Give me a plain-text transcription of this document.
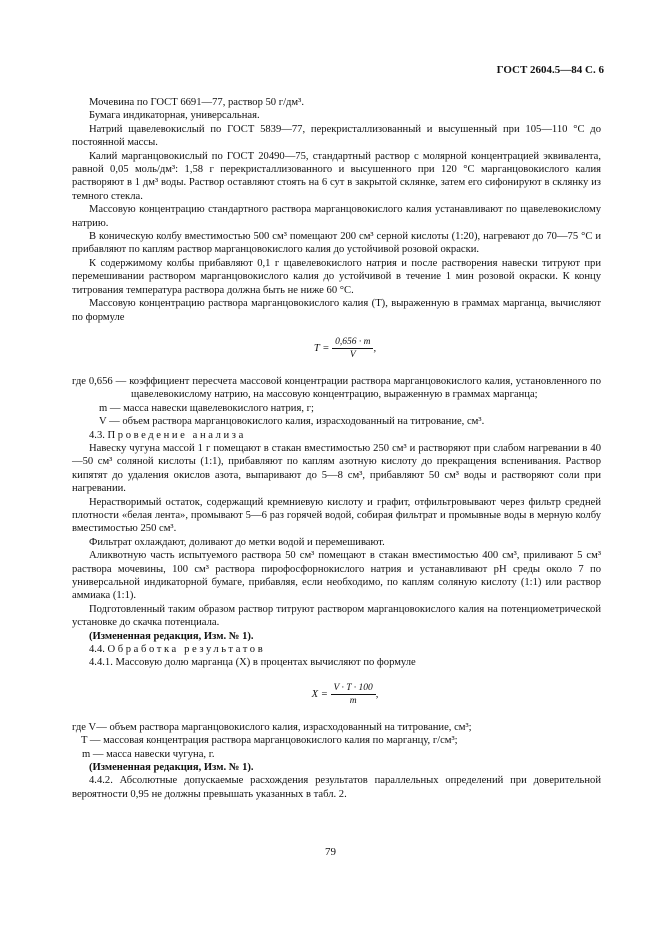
ГОСТ 2604.5—84 С. 6

Мочевина по ГОСТ 6691—77, раствор 50 г/дм³.

Бумага индикаторная, универсальная.

Натрий щавелевокислый по ГОСТ 5839—77, перекристаллизованный и высушенный при 105—110 °С до постоянной массы.

Калий марганцовокислый по ГОСТ 20490—75, стандартный раствор с молярной концентрацией эквивалента, равной 0,05 моль/дм³: 1,58 г перекристаллизованного и высушенного при 120 °С марганцовокислого калия растворяют в 1 дм³ воды. Раствор оставляют стоять на 6 сут в закрытой склянке, затем его сифонируют в склянку из темного стекла.

Массовую концентрацию стандартного раствора марганцовокислого калия устанавливают по щавелевокислому натрию.

В коническую колбу вместимостью 500 см³ помещают 200 см³ серной кислоты (1:20), нагревают до 70—75 °С и прибавляют по каплям раствор марганцовокислого калия до устойчивой розовой окраски.

К содержимому колбы прибавляют 0,1 г щавелевокислого натрия и после растворения навески титруют при перемешивании раствором марганцовокислого калия до устойчивой в течение 1 мин розовой окраски. К концу титрования температура раствора должна быть не ниже 60 °С.

Массовую концентрацию раствора марганцовокислого калия (Т), выраженную в граммах марганца, вычисляют по формуле

$T = \frac{0,656 \cdot m}{V}$ ,

где 0,656 — коэффициент пересчета массовой концентрации раствора марганцовокислого калия, установленного по щавелевокислому натрию, на массовую концентрацию, выраженную в граммах марганца;

m — масса навески щавелевокислого натрия, г;

V — объем раствора марганцовокислого калия, израсходованный на титрование, см³.

4.3. Проведение анализа

Навеску чугуна массой 1 г помещают в стакан вместимостью 250 см³ и растворяют при слабом нагревании в 40—50 см³ соляной кислоты (1:1), прибавляют по каплям азотную кислоту до прекращения вспенивания. Раствор кипятят до удаления окислов азота, выпаривают до 5—8 см³, прибавляют 50 см³ воды и растворяют соли при нагревании.

Нерастворимый остаток, содержащий кремниевую кислоту и графит, отфильтровывают через фильтр средней плотности «белая лента», промывают 5—6 раз горячей водой, собирая фильтрат и промывные воды в мерную колбу вместимостью 250 см³.

Фильтрат охлаждают, доливают до метки водой и перемешивают.

Аликвотную часть испытуемого раствора 50 см³ помещают в стакан вместимостью 400 см³, приливают 5 см³ раствора мочевины, 100 см³ раствора пирофосфорнокислого натрия и устанавливают рН среды около 7 по универсальной индикаторной бумаге, прибавляя, если необходимо, по каплям соляную кислоту (1:1) или раствор аммиака (1:1).

Подготовленный таким образом раствор титруют раствором марганцовокислого калия на потенциометрической установке до скачка потенциала.

(Измененная редакция, Изм. № 1).

4.4. Обработка результатов

4.4.1. Массовую долю марганца (X) в процентах вычисляют по формуле

$X = \frac{V \cdot T \cdot 100}{m}$ ,

где V— объем раствора марганцовокислого калия, израсходованный на титрование, см³;

T — массовая концентрация раствора марганцовокислого калия по марганцу, г/см³;

m — масса навески чугуна, г.

(Измененная редакция, Изм. № 1).

4.4.2. Абсолютные допускаемые расхождения результатов параллельных определений при доверительной вероятности 0,95 не должны превышать указанных в табл. 2.

79
